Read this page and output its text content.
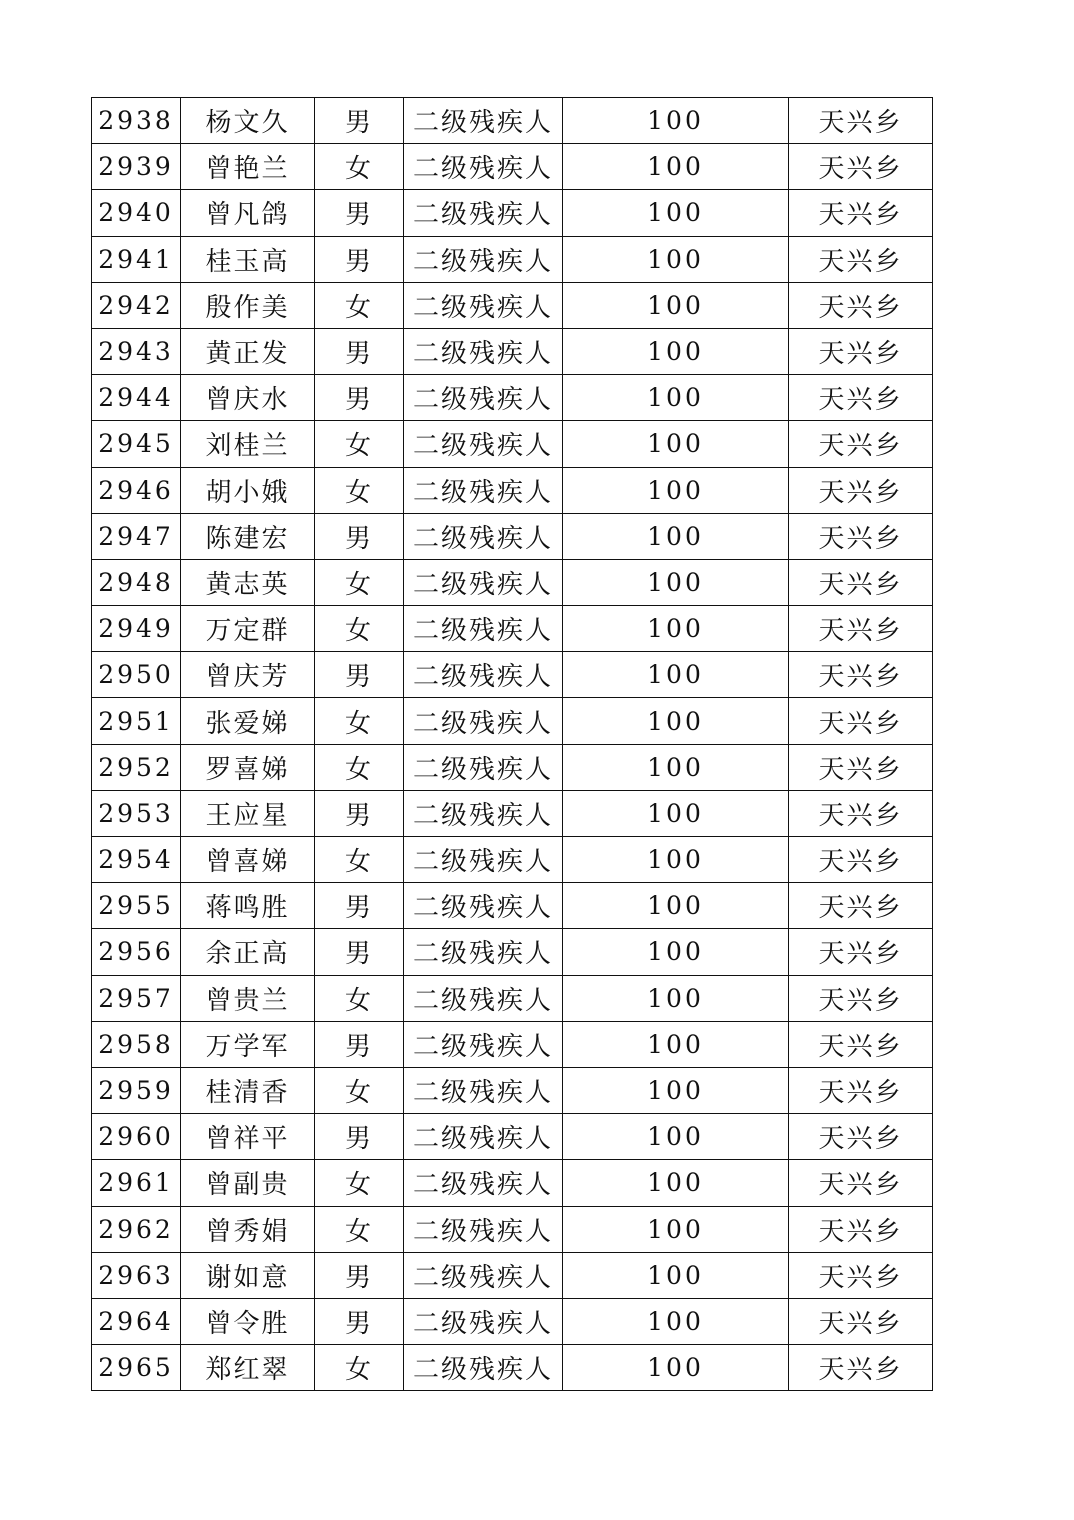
2938	杨文久	男	二级残疾人	100	天兴乡
2939	曾艳兰	女	二级残疾人	100	天兴乡
2940	曾凡鸽	男	二级残疾人	100	天兴乡
2941	桂玉高	男	二级残疾人	100	天兴乡
2942	殷作美	女	二级残疾人	100	天兴乡
2943	黄正发	男	二级残疾人	100	天兴乡
2944	曾庆水	男	二级残疾人	100	天兴乡
2945	刘桂兰	女	二级残疾人	100	天兴乡
2946	胡小娥	女	二级残疾人	100	天兴乡
2947	陈建宏	男	二级残疾人	100	天兴乡
2948	黄志英	女	二级残疾人	100	天兴乡
2949	万定群	女	二级残疾人	100	天兴乡
2950	曾庆芳	男	二级残疾人	100	天兴乡
2951	张爱娣	女	二级残疾人	100	天兴乡
2952	罗喜娣	女	二级残疾人	100	天兴乡
2953	王应星	男	二级残疾人	100	天兴乡
2954	曾喜娣	女	二级残疾人	100	天兴乡
2955	蒋鸣胜	男	二级残疾人	100	天兴乡
2956	余正高	男	二级残疾人	100	天兴乡
2957	曾贵兰	女	二级残疾人	100	天兴乡
2958	万学军	男	二级残疾人	100	天兴乡
2959	桂清香	女	二级残疾人	100	天兴乡
2960	曾祥平	男	二级残疾人	100	天兴乡
2961	曾副贵	女	二级残疾人	100	天兴乡
2962	曾秀娟	女	二级残疾人	100	天兴乡
2963	谢如意	男	二级残疾人	100	天兴乡
2964	曾令胜	男	二级残疾人	100	天兴乡
2965	郑红翠	女	二级残疾人	100	天兴乡
